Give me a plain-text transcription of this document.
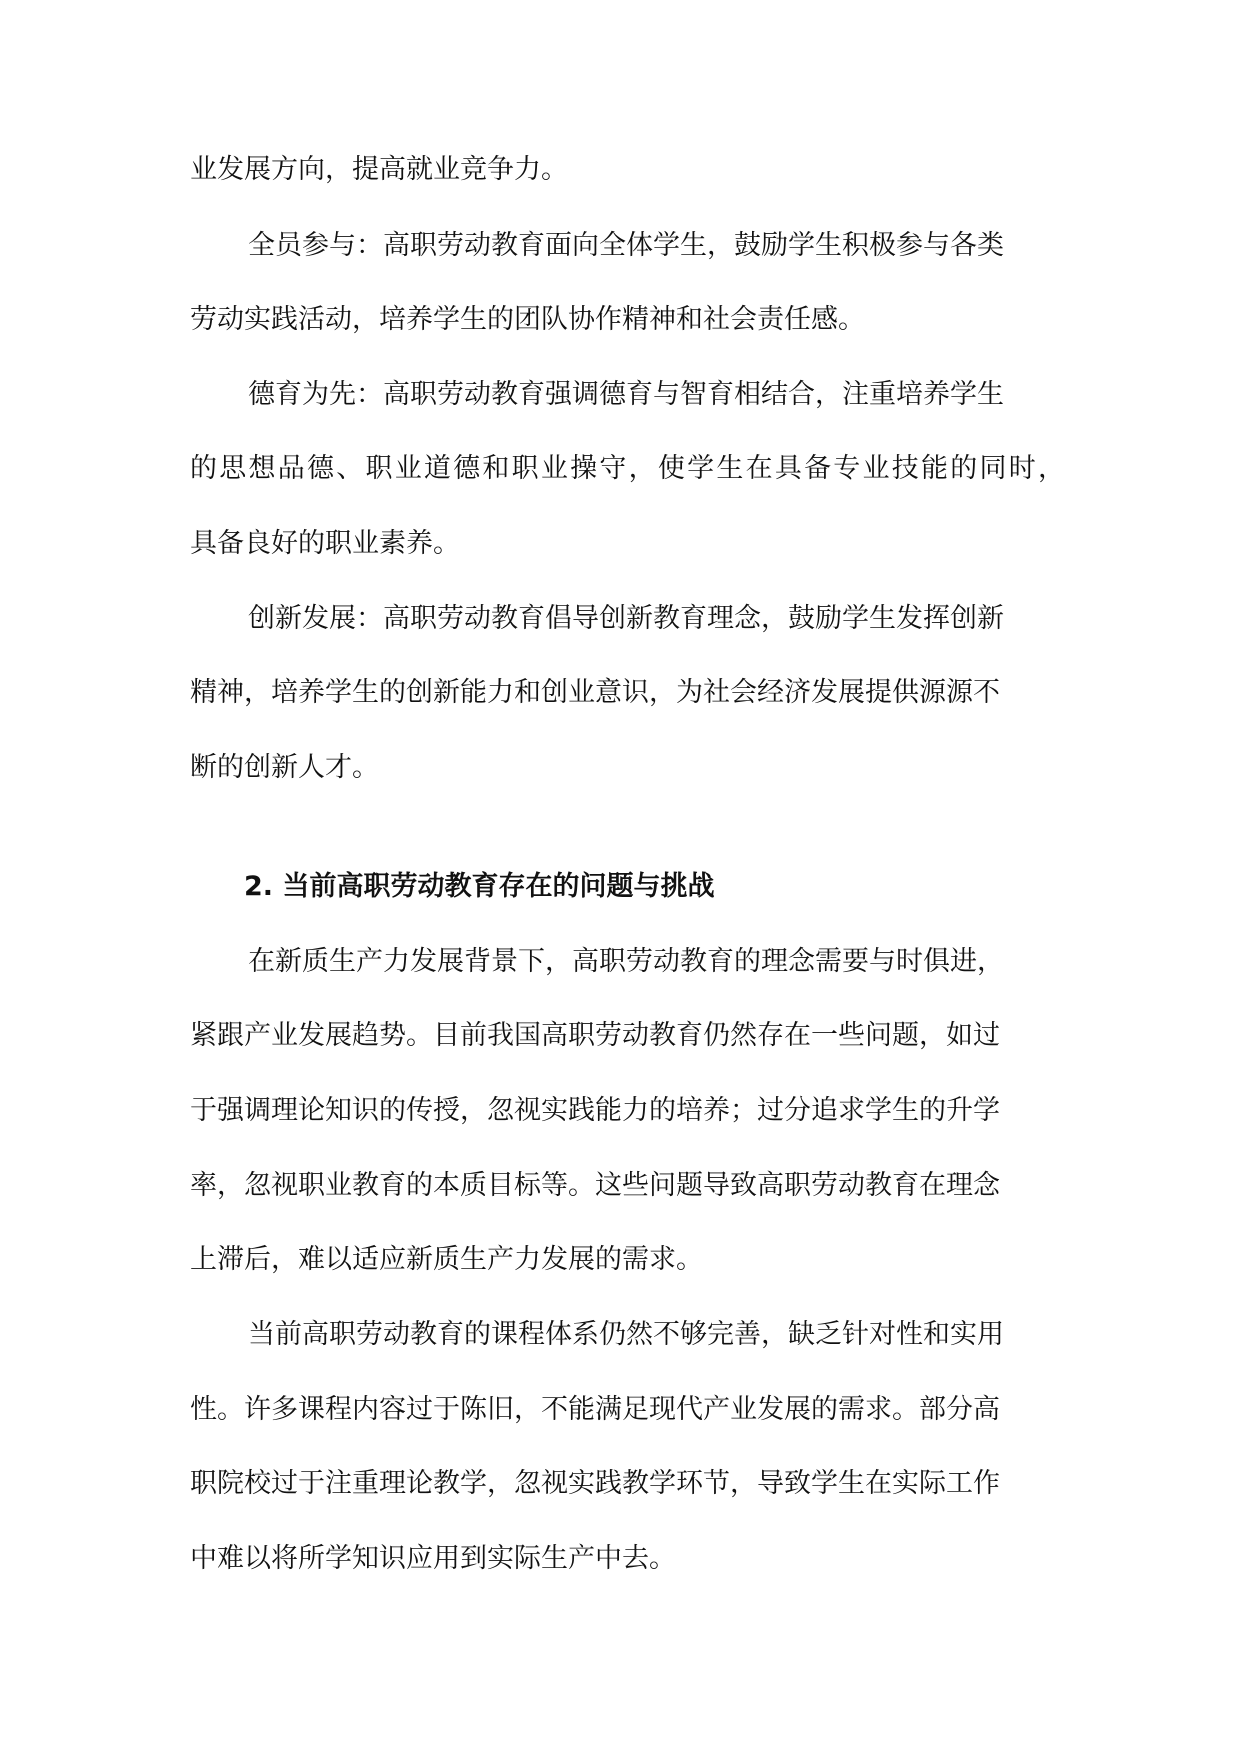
业发展方向，提高就业竞争力。

全员参与：高职劳动教育面向全体学生，鼓励学生积极参与各类

劳动实践活动，培养学生的团队协作精神和社会责任感。

德育为先：高职劳动教育强调德育与智育相结合，注重培养学生

的思想品德、职业道德和职业操守，使学生在具备专业技能的同时，

具备良好的职业素养。

创新发展：高职劳动教育倡导创新教育理念，鼓励学生发挥创新

精神，培养学生的创新能力和创业意识，为社会经济发展提供源源不

断的创新人才。

2. 当前高职劳动教育存在的问题与挑战

在新质生产力发展背景下，高职劳动教育的理念需要与时俱进，

紧跟产业发展趋势。目前我国高职劳动教育仍然存在一些问题，如过

于强调理论知识的传授，忽视实践能力的培养；过分追求学生的升学

率，忽视职业教育的本质目标等。这些问题导致高职劳动教育在理念

上滞后，难以适应新质生产力发展的需求。

当前高职劳动教育的课程体系仍然不够完善，缺乏针对性和实用

性。许多课程内容过于陈旧，不能满足现代产业发展的需求。部分高

职院校过于注重理论教学，忽视实践教学环节，导致学生在实际工作

中难以将所学知识应用到实际生产中去。
